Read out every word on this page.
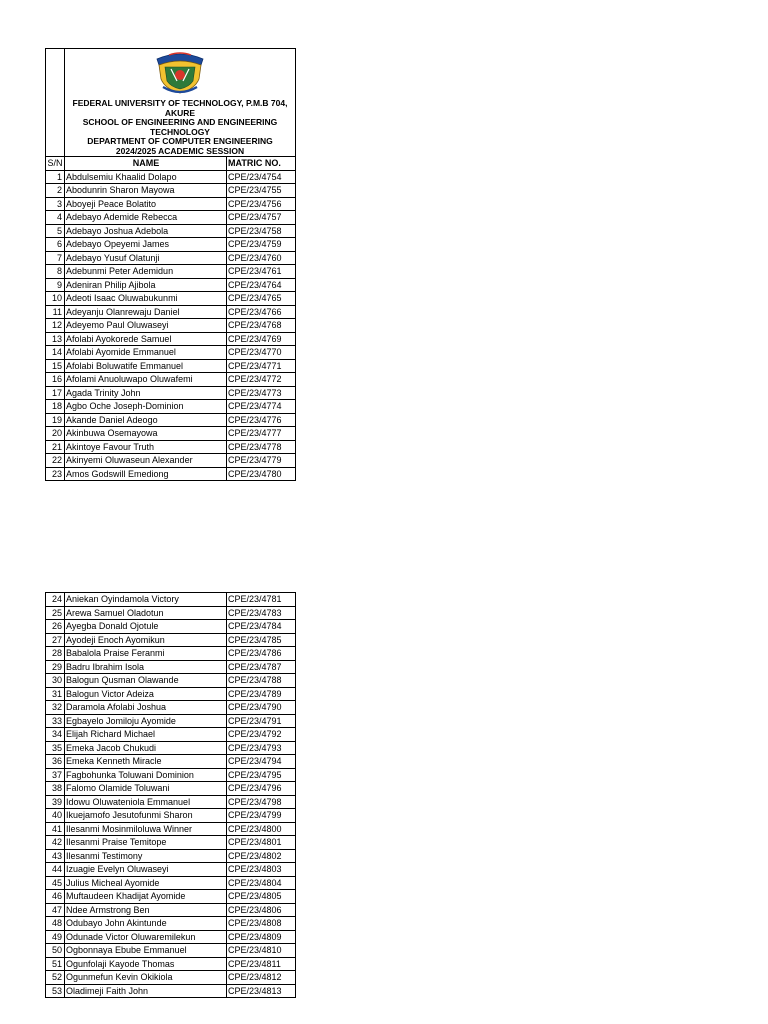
	FEDERAL UNIVERSITY OF TECHNOLOGY, P.M.B 704, AKURE
SCHOOL OF ENGINEERING AND ENGINEERING
TECHNOLOGY
DEPARTMENT OF COMPUTER ENGINEERING
2024/2025 ACADEMIC SESSION	

S/N	NAME	MATRIC NO.
1	Abdulsemiu Khaalid Dolapo	CPE/23/4754
2	Abodunrin Sharon Mayowa	CPE/23/4755
3	Aboyeji Peace Bolatito	CPE/23/4756
4	Adebayo Ademide Rebecca	CPE/23/4757
5	Adebayo Joshua Adebola	CPE/23/4758
6	Adebayo Opeyemi James	CPE/23/4759
7	Adebayo Yusuf Olatunji	CPE/23/4760
8	Adebunmi Peter Ademidun	CPE/23/4761
9	Adeniran Philip Ajibola	CPE/23/4764
10	Adeoti Isaac Oluwabukunmi	CPE/23/4765
11	Adeyanju Olanrewaju Daniel	CPE/23/4766
12	Adeyemo Paul Oluwaseyi	CPE/23/4768
13	Afolabi Ayokorede Samuel	CPE/23/4769
14	Afolabi Ayomide Emmanuel	CPE/23/4770
15	Afolabi Boluwatife Emmanuel	CPE/23/4771
16	Afolami Anuoluwapo Oluwafemi	CPE/23/4772
17	Agada Trinity John	CPE/23/4773
18	Agbo Oche Joseph-Dominion	CPE/23/4774
19	Akande Daniel Adeogo	CPE/23/4776
20	Akinbuwa Osemayowa	CPE/23/4777
21	Akintoye Favour Truth	CPE/23/4778
22	Akinyemi Oluwaseun Alexander	CPE/23/4779
23	Amos Godswill Emediong	CPE/23/4780
24	Aniekan Oyindamola Victory	CPE/23/4781
25	Arewa Samuel Oladotun	CPE/23/4783
26	Ayegba Donald Ojotule	CPE/23/4784
27	Ayodeji Enoch Ayomikun	CPE/23/4785
28	Babalola Praise Feranmi	CPE/23/4786
29	Badru Ibrahim Isola	CPE/23/4787
30	Balogun Qusman Olawande	CPE/23/4788
31	Balogun Victor Adeiza	CPE/23/4789
32	Daramola Afolabi Joshua	CPE/23/4790
33	Egbayelo Jomiloju Ayomide	CPE/23/4791
34	Elijah Richard Michael	CPE/23/4792
35	Emeka Jacob Chukudi	CPE/23/4793
36	Emeka Kenneth Miracle	CPE/23/4794
37	Fagbohunka Toluwani Dominion	CPE/23/4795
38	Falomo Olamide Toluwani	CPE/23/4796
39	Idowu Oluwateniola Emmanuel	CPE/23/4798
40	Ikuejamofo Jesutofunmi Sharon	CPE/23/4799
41	Ilesanmi Mosinmiloluwa Winner	CPE/23/4800
42	Ilesanmi Praise Temitope	CPE/23/4801
43	Ilesanmi Testimony	CPE/23/4802
44	Izuagie Evelyn Oluwaseyi	CPE/23/4803
45	Julius Micheal Ayomide	CPE/23/4804
46	Muftaudeen Khadijat Ayomide	CPE/23/4805
47	Ndee Armstrong Ben	CPE/23/4806
48	Odubayo John Akintunde	CPE/23/4808
49	Odunade Victor Oluwaremilekun	CPE/23/4809
50	Ogbonnaya Ebube Emmanuel	CPE/23/4810
51	Ogunfolaji Kayode Thomas	CPE/23/4811
52	Ogunmefun Kevin Okikiola	CPE/23/4812
53	Oladimeji Faith John	CPE/23/4813
